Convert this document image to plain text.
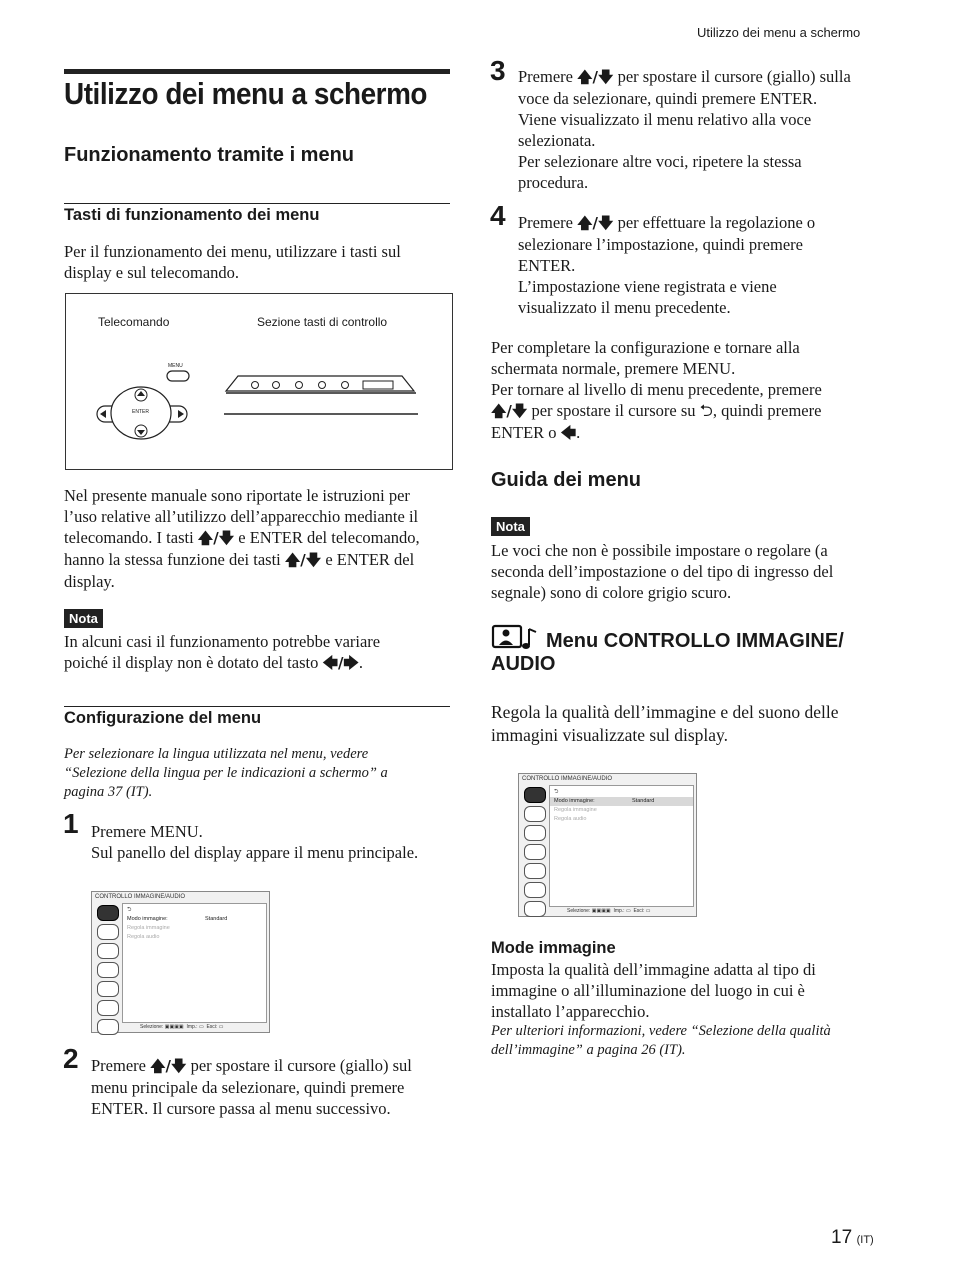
Utilizzo dei menu a schermo
Utilizzo dei menu a schermo
Funzionamento tramite i menu
Tasti di funzionamento dei menu
Per il funzionamento dei menu, utilizzare i tasti sul
display e sul telecomando.
Telecomando	Sezione tasti di controllo
MENU
ENTER
Nel presente manuale sono riportate le istruzioni per
l’uso relative all’utilizzo dell’apparecchio mediante il
telecomando. I tasti 🡅/🡇 e ENTER del telecomando,
hanno la stessa funzione dei tasti 🡅/🡇 e ENTER del
display.
Nota
In alcuni casi il funzionamento potrebbe variare
poiché il display non è dotato del tasto 🡄/🡆.
Configurazione del menu
Per selezionare la lingua utilizzata nel menu, vedere
“Selezione della lingua per le indicazioni a schermo” a
pagina 37 (IT).
1 Premere MENU.
Sul panello del display appare il menu principale.
CONTROLLO IMMAGINE/AUDIO
⮌
Modo immagine:	Standard
Regola immagine
Regola audio
Selezione: ▣▣▣▣  Imp.: ▭  Esci: ▭
2 Premere 🡅/🡇 per spostare il cursore (giallo) sul
menu principale da selezionare, quindi premere
ENTER. Il cursore passa al menu successivo.
3 Premere 🡅/🡇 per spostare il cursore (giallo) sulla
voce da selezionare, quindi premere ENTER.
Viene visualizzato il menu relativo alla voce
selezionata.
Per selezionare altre voci, ripetere la stessa
procedura.
4 Premere 🡅/🡇 per effettuare la regolazione o
selezionare l’impostazione, quindi premere
ENTER.
L’impostazione viene registrata e viene
visualizzato il menu precedente.
Per completare la configurazione e tornare alla
schermata normale, premere MENU.
Per tornare al livello di menu precedente, premere
🡅/🡇 per spostare il cursore su ⮌, quindi premere
ENTER o 🡄.
Guida dei menu
Nota
Le voci che non è possibile impostare o regolare (a
seconda dell’impostazione o del tipo di ingresso del
segnale) sono di colore grigio scuro.
Menu CONTROLLO IMMAGINE/
AUDIO
Regola la qualità dell’immagine e del suono delle
immagini visualizzate sul display.
CONTROLLO IMMAGINE/AUDIO
⮌
Modo immagine:	Standard
Regola immagine
Regola audio
Selezione: ▣▣▣▣  Imp.: ▭  Esci: ▭
Mode immagine
Imposta la qualità dell’immagine adatta al tipo di
immagine o all’illuminazione del luogo in cui è
installato l’apparecchio.
Per ulteriori informazioni, vedere “Selezione della qualità
dell’immagine” a pagina 26 (IT).
17 (IT)
